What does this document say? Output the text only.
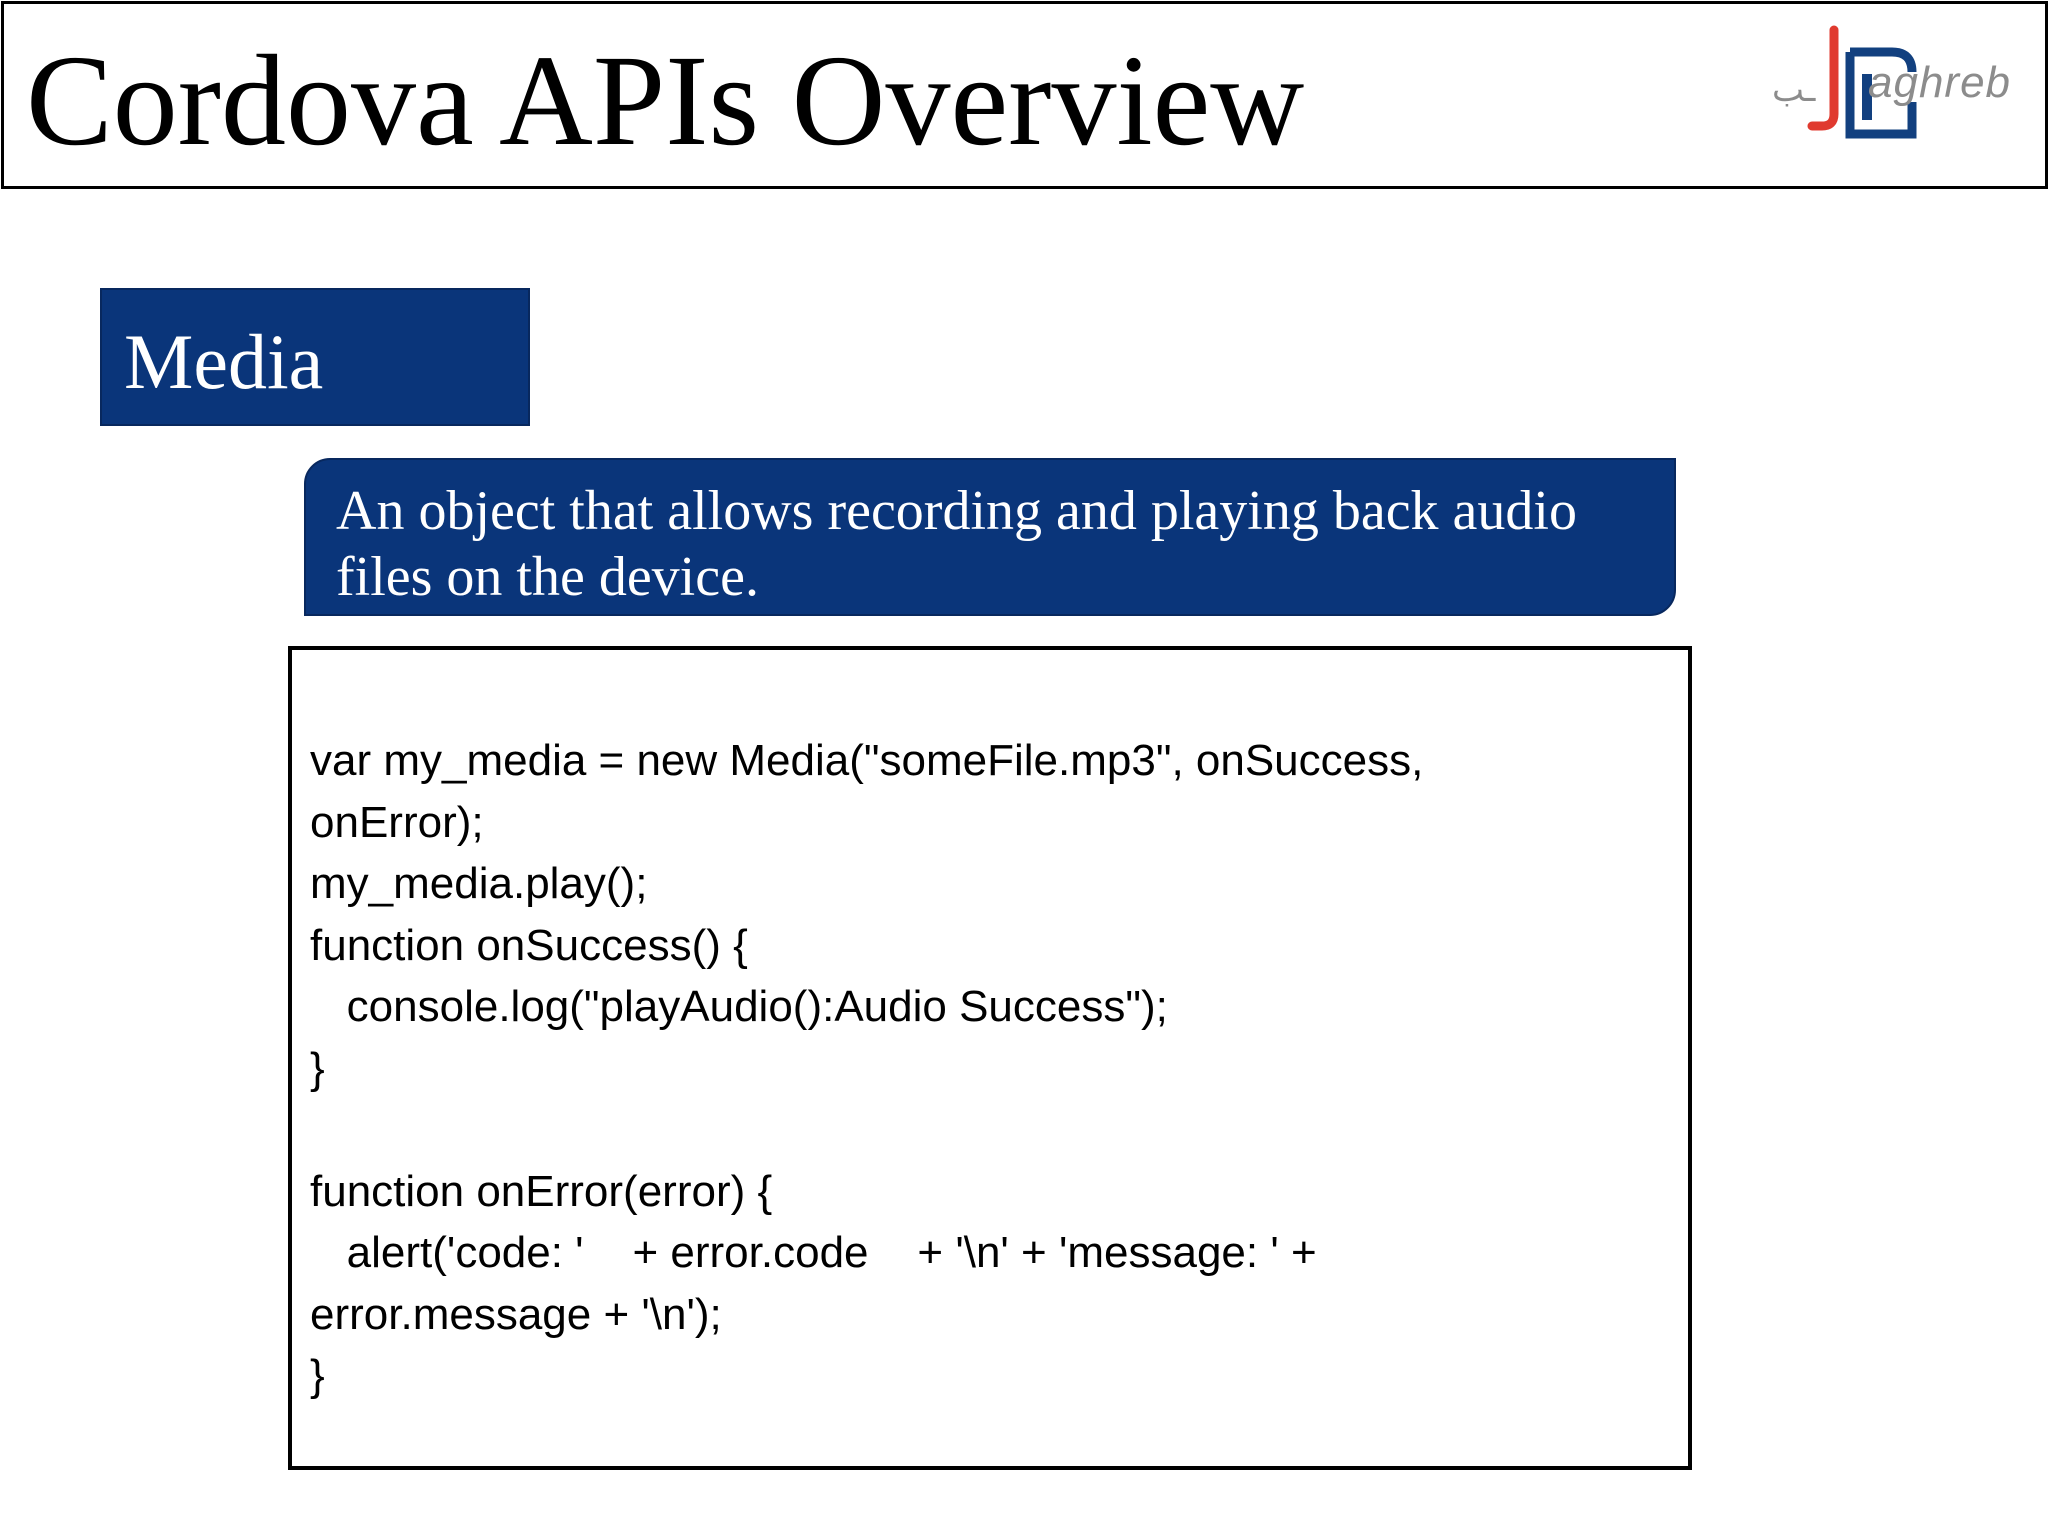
Cordova APIs Overview	ـب aghreb
Media
An object that allows recording and playing back audio files on the device.
var my_media = new Media("someFile.mp3", onSuccess,
onError);
my_media.play();
function onSuccess() {
console.log("playAudio():Audio Success");
}

function onError(error) {
alert('code: '    + error.code    + '\n' + 'message: ' +
error.message + '\n');
}
